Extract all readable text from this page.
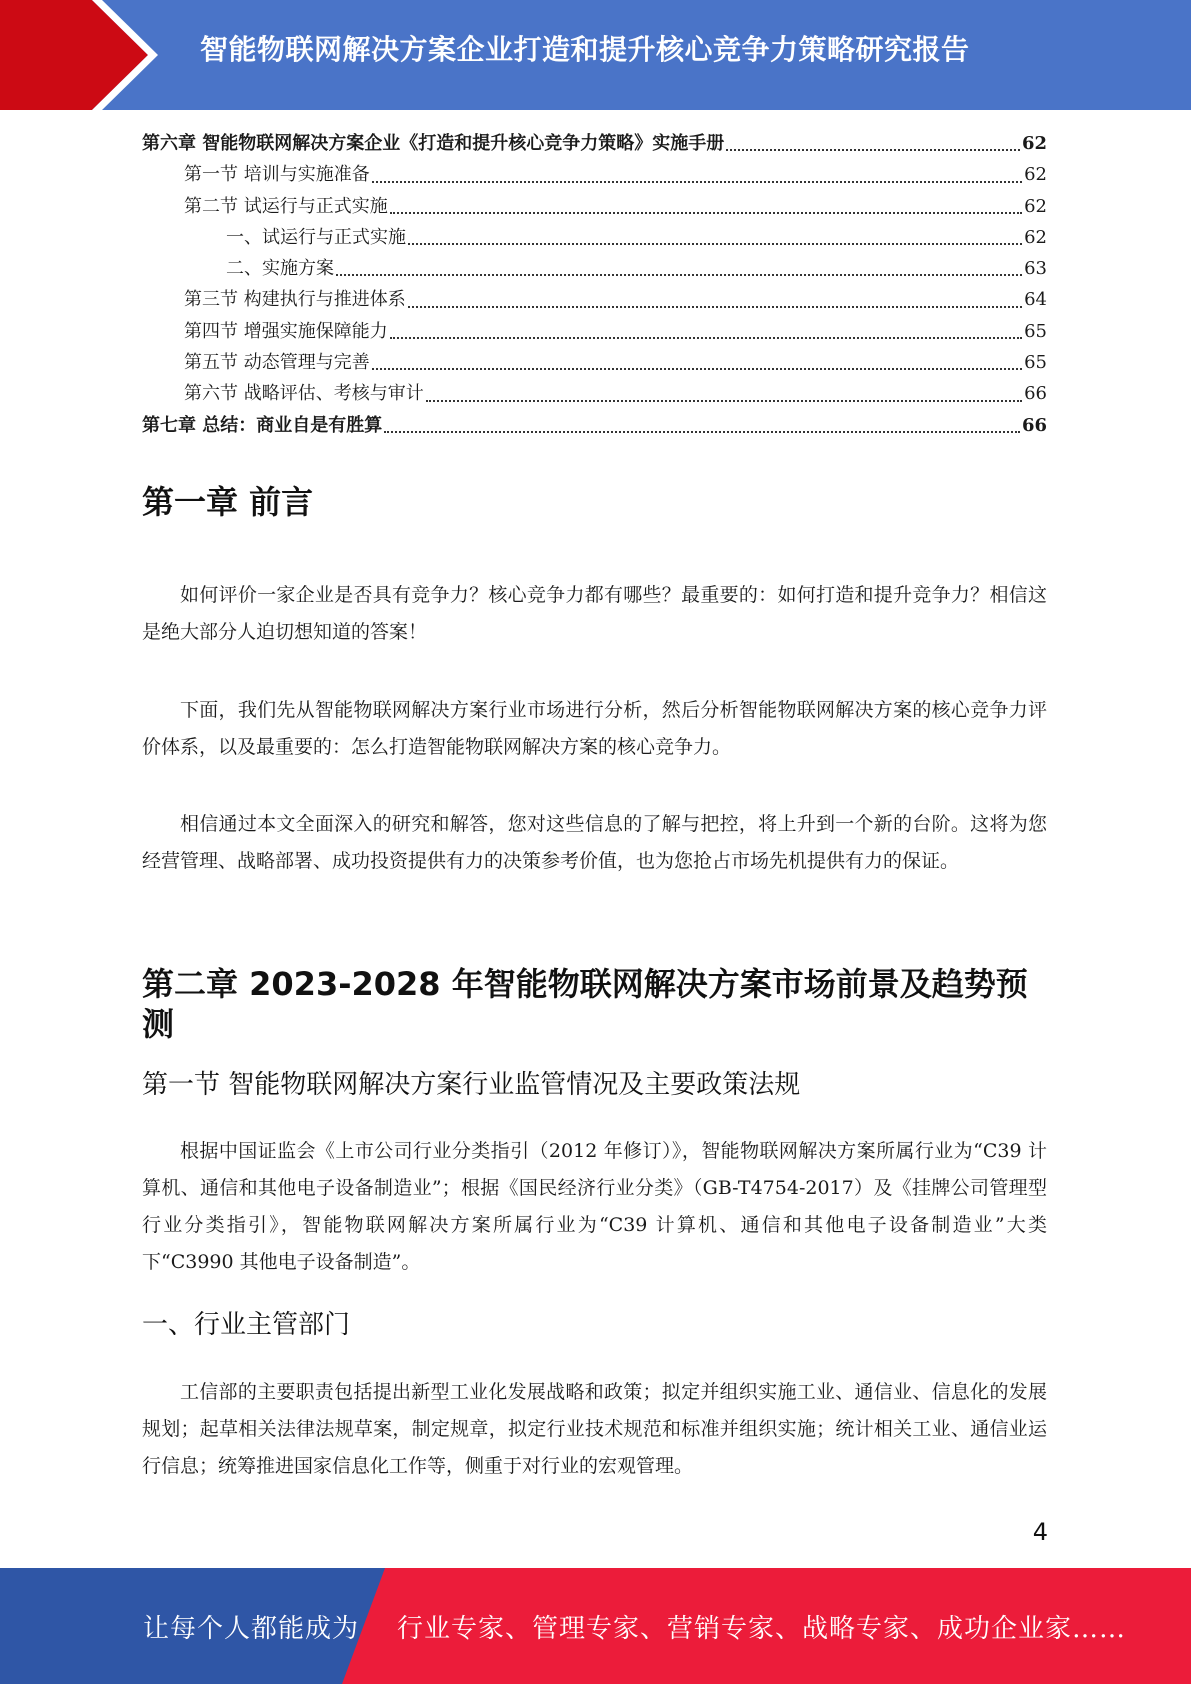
智能物联网解决方案企业打造和提升核心竞争力策略研究报告
第六章 智能物联网解决方案企业《打造和提升核心竞争力策略》实施手册	62
第一节 培训与实施准备	62
第二节 试运行与正式实施	62
一、试运行与正式实施	62
二、实施方案	63
第三节 构建执行与推进体系	64
第四节 增强实施保障能力	65
第五节 动态管理与完善	65
第六节 战略评估、考核与审计	66
第七章 总结：商业自是有胜算	66
第一章 前言

如何评价一家企业是否具有竞争力？核心竞争力都有哪些？最重要的：如何打造和提升竞争力？相信这是绝大部分人迫切想知道的答案！

下面，我们先从智能物联网解决方案行业市场进行分析，然后分析智能物联网解决方案的核心竞争力评价体系，以及最重要的：怎么打造智能物联网解决方案的核心竞争力。

相信通过本文全面深入的研究和解答，您对这些信息的了解与把控，将上升到一个新的台阶。这将为您经营管理、战略部署、成功投资提供有力的决策参考价值，也为您抢占市场先机提供有力的保证。

第二章 2023-2028 年智能物联网解决方案市场前景及趋势预测
第一节 智能物联网解决方案行业监管情况及主要政策法规

根据中国证监会《上市公司行业分类指引（2012 年修订）》，智能物联网解决方案所属行业为“C39 计算机、通信和其他电子设备制造业”；根据《国民经济行业分类》（GB-T4754-2017）及《挂牌公司管理型行业分类指引》，智能物联网解决方案所属行业为“C39 计算机、通信和其他电子设备制造业”大类下“C3990 其他电子设备制造”。

一、行业主管部门

工信部的主要职责包括提出新型工业化发展战略和政策；拟定并组织实施工业、通信业、信息化的发展规划；起草相关法律法规草案，制定规章，拟定行业技术规范和标准并组织实施；统计相关工业、通信业运行信息；统筹推进国家信息化工作等，侧重于对行业的宏观管理。

4
让每个人都能成为 行业专家、管理专家、营销专家、战略专家、成功企业家……
